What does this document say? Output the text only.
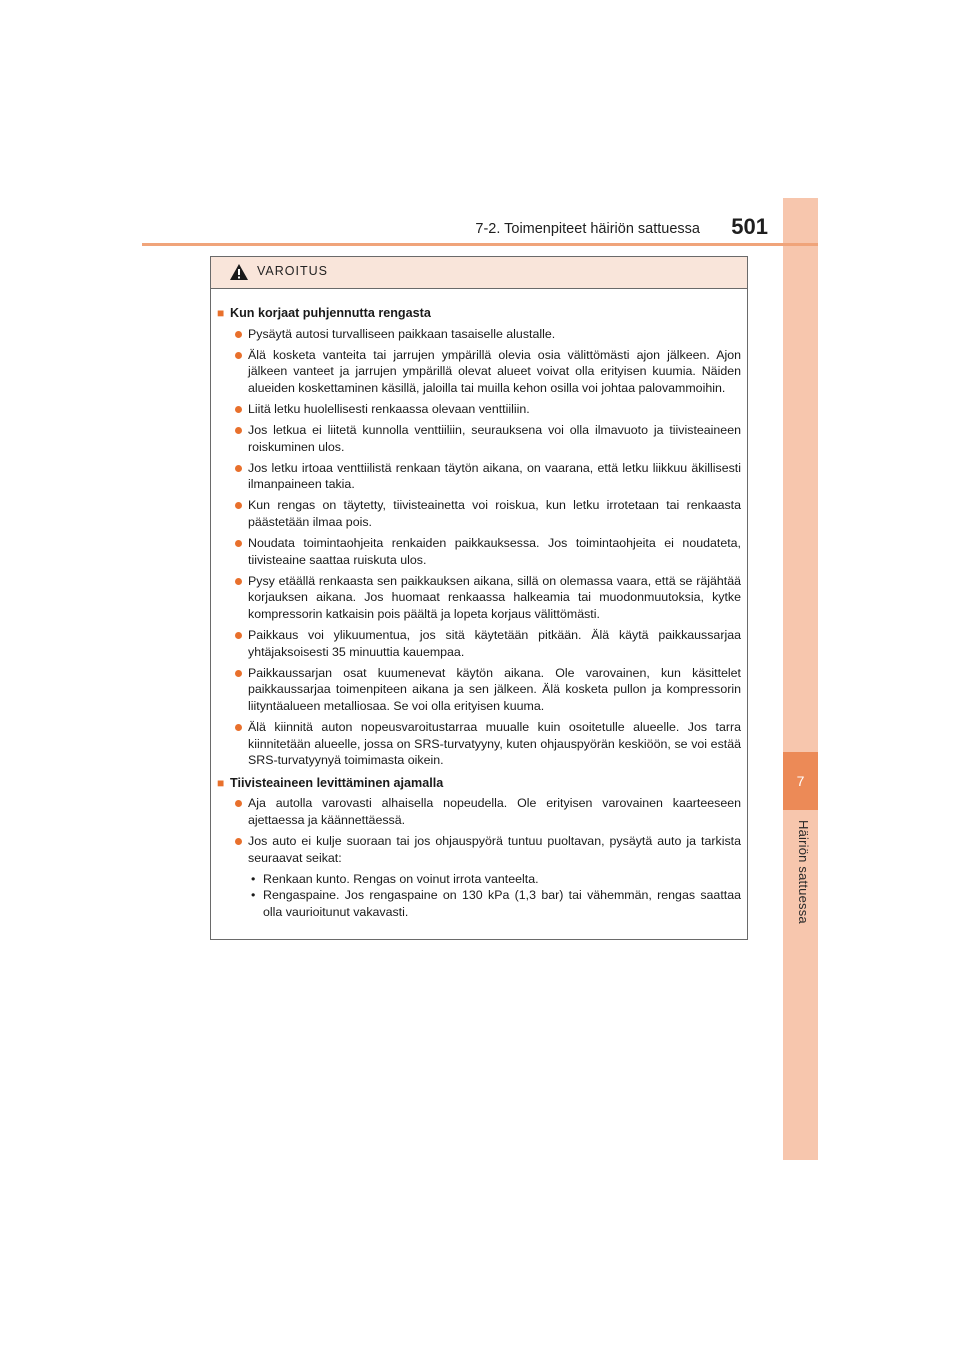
7
Häiriön sattuessa
7-2. Toimenpiteet häiriön sattuessa	501
VAROITUS
■ Kun korjaat puhjennutta rengasta
Pysäytä autosi turvalliseen paikkaan tasaiselle alustalle.
Älä kosketa vanteita tai jarrujen ympärillä olevia osia välittömästi ajon jälkeen. Ajon jälkeen vanteet ja jarrujen ympärillä olevat alueet voivat olla erityisen kuumia. Näiden alueiden koskettaminen käsillä, jaloilla tai muilla kehon osilla voi johtaa palovammoihin.
Liitä letku huolellisesti renkaassa olevaan venttiiliin.
Jos letkua ei liitetä kunnolla venttiiliin, seurauksena voi olla ilmavuoto ja tiivisteaineen roiskuminen ulos.
Jos letku irtoaa venttiilistä renkaan täytön aikana, on vaarana, että letku liikkuu äkillisesti ilmanpaineen takia.
Kun rengas on täytetty, tiivisteainetta voi roiskua, kun letku irrotetaan tai renkaasta päästetään ilmaa pois.
Noudata toimintaohjeita renkaiden paikkauksessa. Jos toimintaohjeita ei noudateta, tiivisteaine saattaa ruiskuta ulos.
Pysy etäällä renkaasta sen paikkauksen aikana, sillä on olemassa vaara, että se räjähtää korjauksen aikana. Jos huomaat renkaassa halkeamia tai muodonmuutoksia, kytke kompressorin katkaisin pois päältä ja lopeta korjaus välittömästi.
Paikkaus voi ylikuumentua, jos sitä käytetään pitkään. Älä käytä paikkaussarjaa yhtäjaksoisesti 35 minuuttia kauempaa.
Paikkaussarjan osat kuumenevat käytön aikana. Ole varovainen, kun käsittelet paikkaussarjaa toimenpiteen aikana ja sen jälkeen. Älä kosketa pullon ja kompressorin liityntäalueen metalliosaa. Se voi olla erityisen kuuma.
Älä kiinnitä auton nopeusvaroitustarraa muualle kuin osoitetulle alueelle. Jos tarra kiinnitetään alueelle, jossa on SRS-turvatyyny, kuten ohjauspyörän keskiöön, se voi estää SRS-turvatyynyä toimimasta oikein.
■ Tiivisteaineen levittäminen ajamalla
Aja autolla varovasti alhaisella nopeudella. Ole erityisen varovainen kaarteeseen ajettaessa ja käännettäessä.
Jos auto ei kulje suoraan tai jos ohjauspyörä tuntuu puoltavan, pysäytä auto ja tarkista seuraavat seikat:
• Renkaan kunto. Rengas on voinut irrota vanteelta.
• Rengaspaine. Jos rengaspaine on 130 kPa (1,3 bar) tai vähemmän, rengas saattaa olla vaurioitunut vakavasti.
